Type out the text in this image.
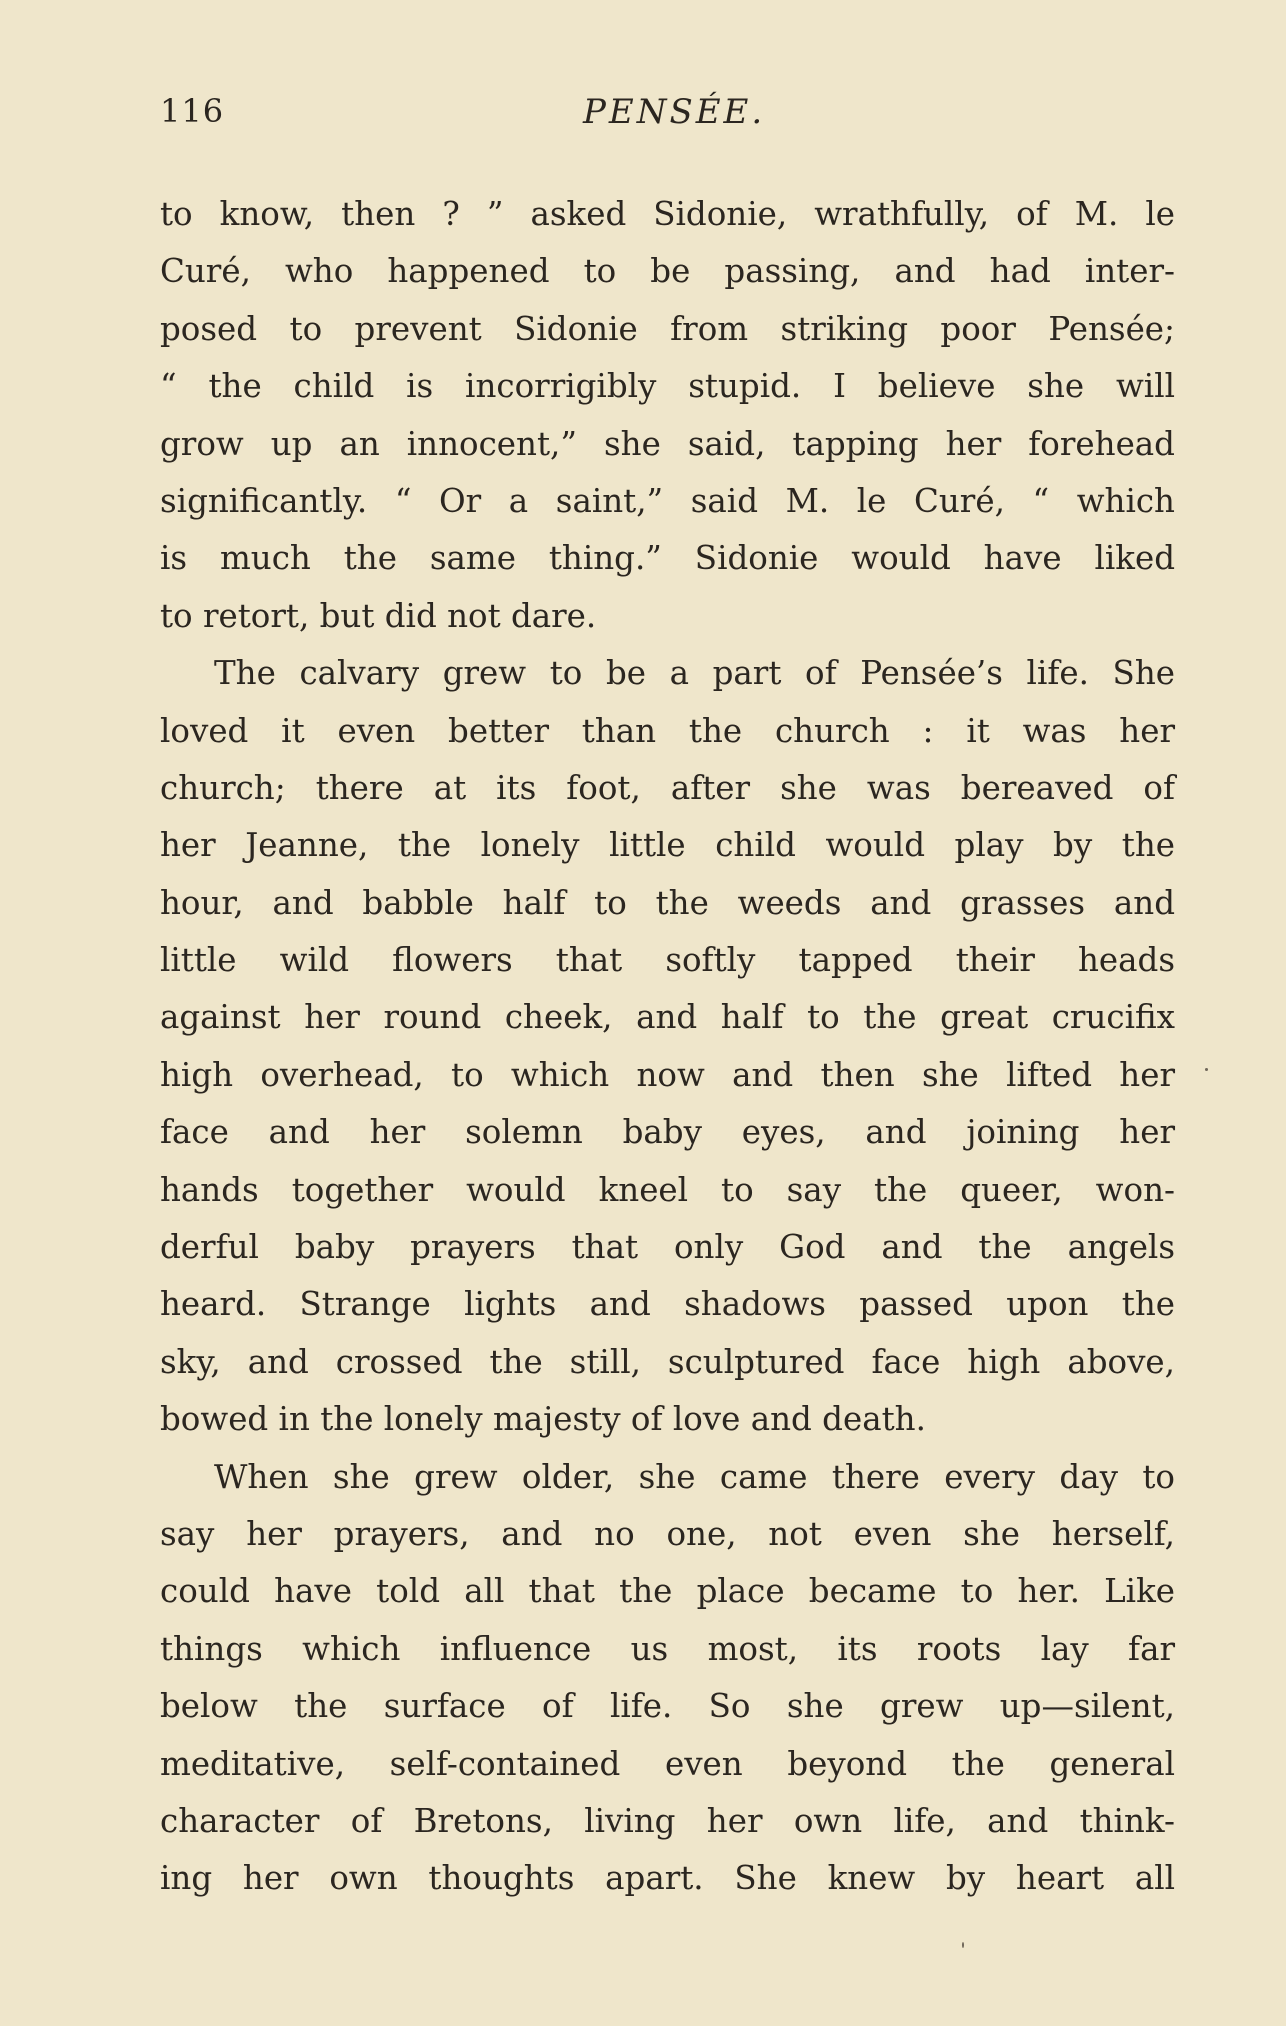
116	PENSÉE.
to know, then ? ” asked Sidonie, wrathfully, of M. le
Curé, who happened to be passing, and had inter-
posed to prevent Sidonie from striking poor Pensée;
“ the child is incorrigibly stupid. I believe she will
grow up an innocent,” she said, tapping her forehead
significantly. “ Or a saint,” said M. le Curé, “ which
is much the same thing.” Sidonie would have liked
to retort, but did not dare.
The calvary grew to be a part of Pensée’s life. She
loved it even better than the church : it was her
church; there at its foot, after she was bereaved of
her Jeanne, the lonely little child would play by the
hour, and babble half to the weeds and grasses and
little wild flowers that softly tapped their heads
against her round cheek, and half to the great crucifix
high overhead, to which now and then she lifted her
face and her solemn baby eyes, and joining her
hands together would kneel to say the queer, won-
derful baby prayers that only God and the angels
heard. Strange lights and shadows passed upon the
sky, and crossed the still, sculptured face high above,
bowed in the lonely majesty of love and death.
When she grew older, she came there every day to
say her prayers, and no one, not even she herself,
could have told all that the place became to her. Like
things which influence us most, its roots lay far
below the surface of life. So she grew up—silent,
meditative, self-contained even beyond the general
character of Bretons, living her own life, and think-
ing her own thoughts apart. She knew by heart all
